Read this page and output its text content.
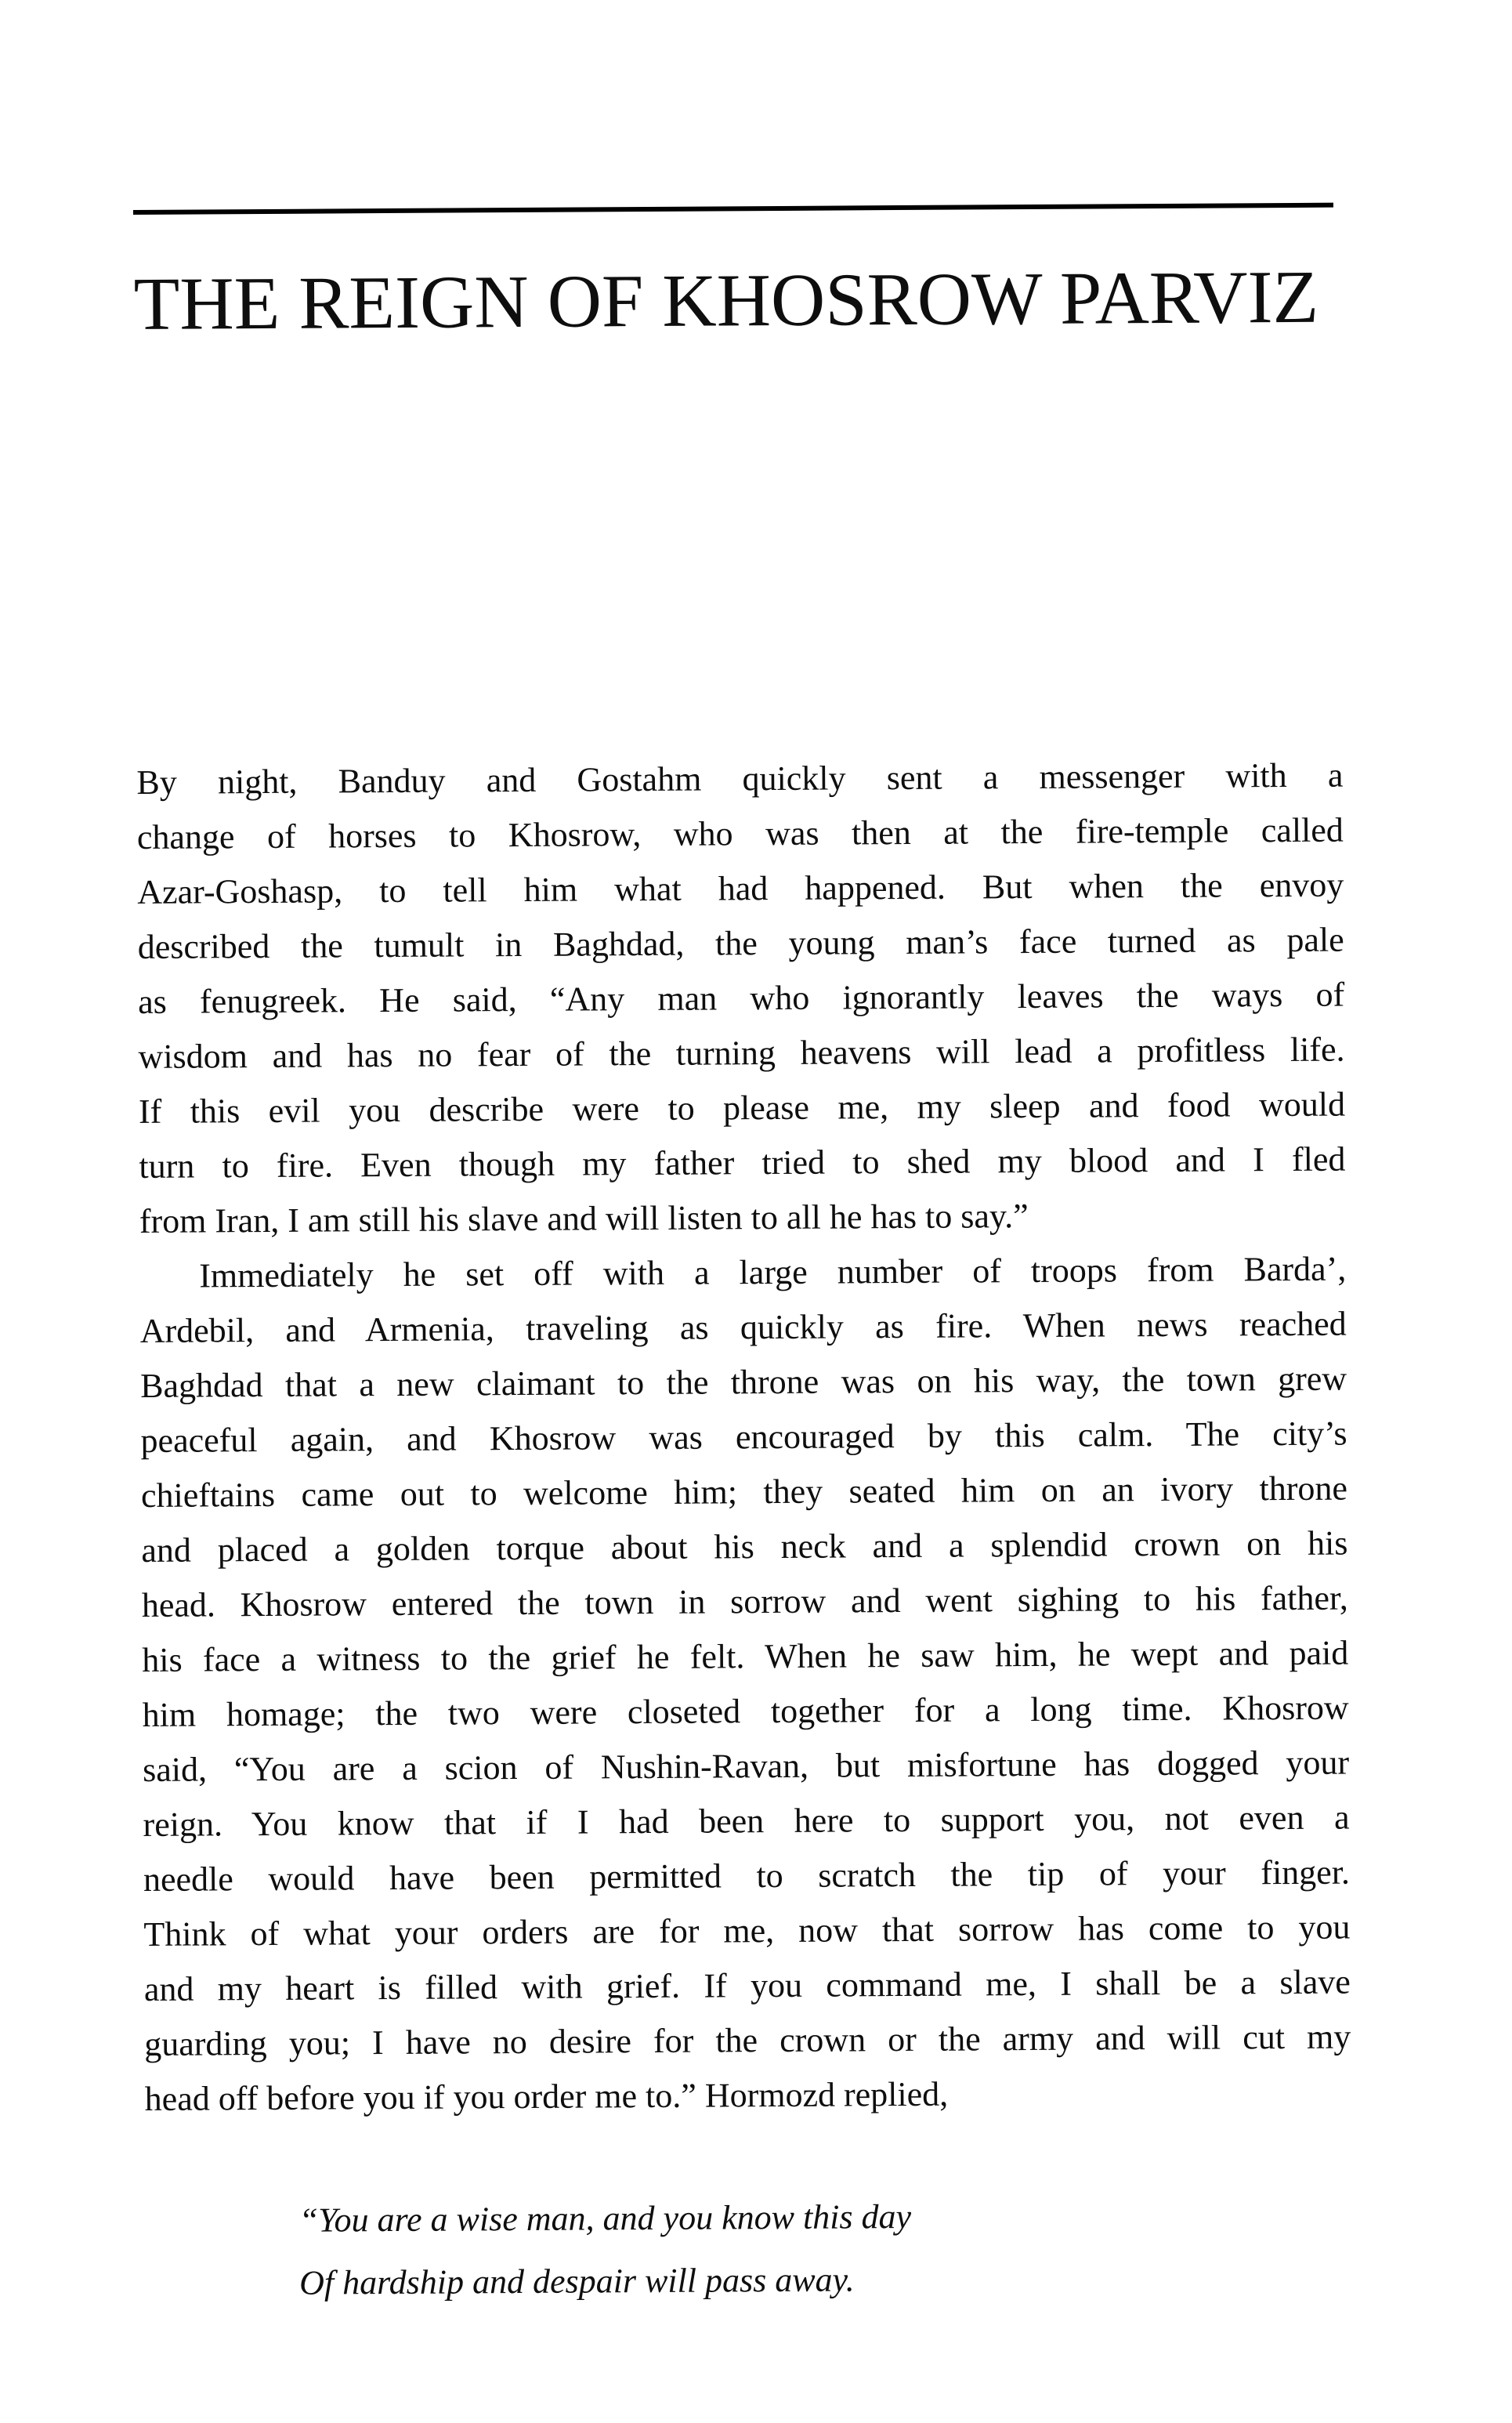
THE REIGN OF KHOSROW PARVIZ
By night, Banduy and Gostahm quickly sent a messenger with a
change of horses to Khosrow, who was then at the fire-temple called
Azar-Goshasp, to tell him what had happened. But when the envoy
described the tumult in Baghdad, the young man’s face turned as pale
as fenugreek. He said, “Any man who ignorantly leaves the ways of
wisdom and has no fear of the turning heavens will lead a profitless life.
If this evil you describe were to please me, my sleep and food would
turn to fire. Even though my father tried to shed my blood and I fled
from Iran, I am still his slave and will listen to all he has to say.”
Immediately he set off with a large number of troops from Barda’,
Ardebil, and Armenia, traveling as quickly as fire. When news reached
Baghdad that a new claimant to the throne was on his way, the town grew
peaceful again, and Khosrow was encouraged by this calm. The city’s
chieftains came out to welcome him; they seated him on an ivory throne
and placed a golden torque about his neck and a splendid crown on his
head. Khosrow entered the town in sorrow and went sighing to his father,
his face a witness to the grief he felt. When he saw him, he wept and paid
him homage; the two were closeted together for a long time. Khosrow
said, “You are a scion of Nushin-Ravan, but misfortune has dogged your
reign. You know that if I had been here to support you, not even a
needle would have been permitted to scratch the tip of your finger.
Think of what your orders are for me, now that sorrow has come to you
and my heart is filled with grief. If you command me, I shall be a slave
guarding you; I have no desire for the crown or the army and will cut my
head off before you if you order me to.” Hormozd replied,
“You are a wise man, and you know this day
Of hardship and despair will pass away.
